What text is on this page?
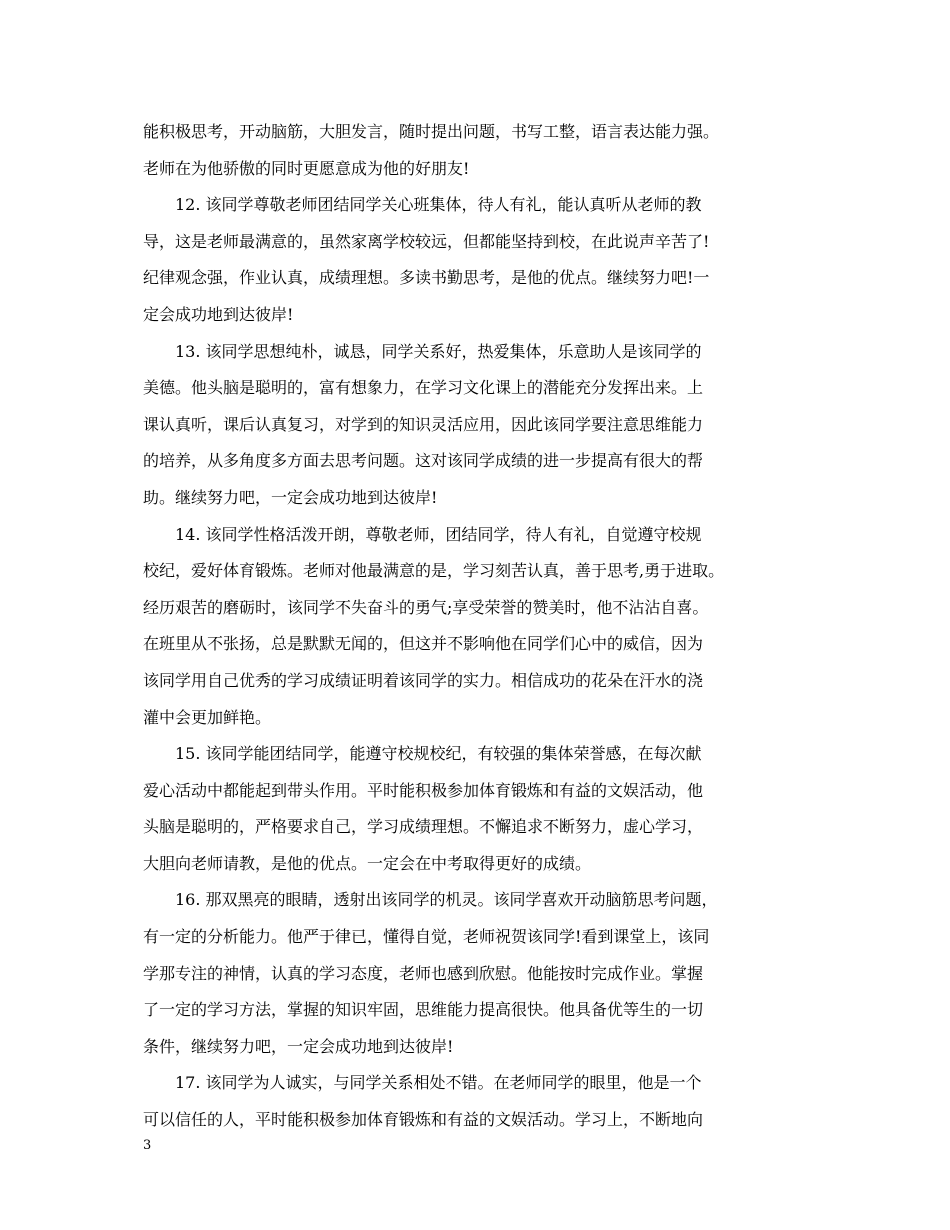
能积极思考，开动脑筋，大胆发言，随时提出问题，书写工整，语言表达能力强。
老师在为他骄傲的同时更愿意成为他的好朋友!
12. 该同学尊敬老师团结同学关心班集体，待人有礼，能认真听从老师的教
导，这是老师最满意的，虽然家离学校较远，但都能坚持到校，在此说声辛苦了!
纪律观念强，作业认真，成绩理想。多读书勤思考，是他的优点。继续努力吧!一
定会成功地到达彼岸!
13. 该同学思想纯朴，诚恳，同学关系好，热爱集体，乐意助人是该同学的
美德。他头脑是聪明的，富有想象力，在学习文化课上的潜能充分发挥出来。上
课认真听，课后认真复习，对学到的知识灵活应用，因此该同学要注意思维能力
的培养，从多角度多方面去思考问题。这对该同学成绩的进一步提高有很大的帮
助。继续努力吧，一定会成功地到达彼岸!
14. 该同学性格活泼开朗，尊敬老师，团结同学，待人有礼，自觉遵守校规
校纪，爱好体育锻炼。老师对他最满意的是，学习刻苦认真，善于思考,勇于进取。
经历艰苦的磨砺时，该同学不失奋斗的勇气;享受荣誉的赞美时，他不沾沾自喜。
在班里从不张扬，总是默默无闻的，但这并不影响他在同学们心中的威信，因为
该同学用自己优秀的学习成绩证明着该同学的实力。相信成功的花朵在汗水的浇
灌中会更加鲜艳。
15. 该同学能团结同学，能遵守校规校纪，有较强的集体荣誉感，在每次献
爱心活动中都能起到带头作用。平时能积极参加体育锻炼和有益的文娱活动，他
头脑是聪明的，严格要求自己，学习成绩理想。不懈追求不断努力，虚心学习，
大胆向老师请教，是他的优点。一定会在中考取得更好的成绩。
16. 那双黑亮的眼睛，透射出该同学的机灵。该同学喜欢开动脑筋思考问题，
有一定的分析能力。他严于律已，懂得自觉，老师祝贺该同学!看到课堂上，该同
学那专注的神情，认真的学习态度，老师也感到欣慰。他能按时完成作业。掌握
了一定的学习方法，掌握的知识牢固，思维能力提高很快。他具备优等生的一切
条件，继续努力吧，一定会成功地到达彼岸!
17. 该同学为人诚实，与同学关系相处不错。在老师同学的眼里，他是一个
可以信任的人，平时能积极参加体育锻炼和有益的文娱活动。学习上，不断地向
3
